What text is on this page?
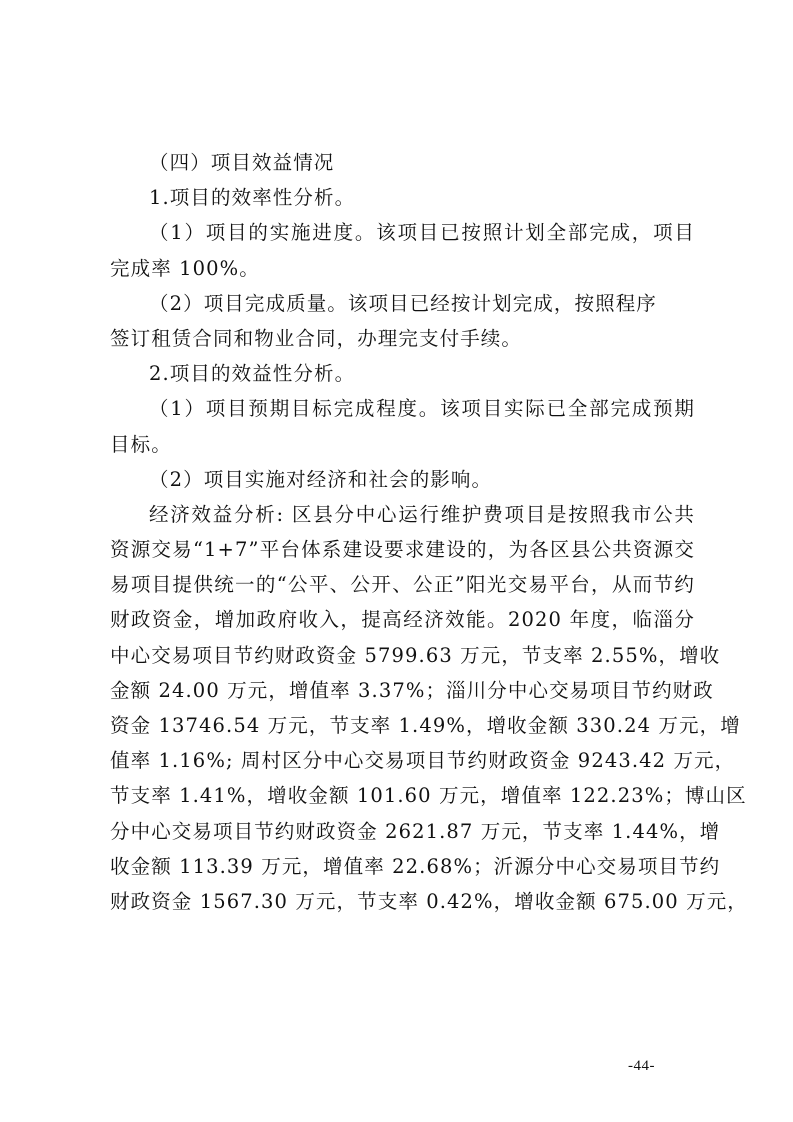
（四）项目效益情况
1.项目的效率性分析。
（1）项目的实施进度。该项目已按照计划全部完成，项目
完成率 100%。
（2）项目完成质量。该项目已经按计划完成，按照程序
签订租赁合同和物业合同，办理完支付手续。
2.项目的效益性分析。
（1）项目预期目标完成程度。该项目实际已全部完成预期
目标。
（2）项目实施对经济和社会的影响。
经济效益分析: 区县分中心运行维护费项目是按照我市公共
资源交易“1+7”平台体系建设要求建设的，为各区县公共资源交
易项目提供统一的“公平、公开、公正”阳光交易平台，从而节约
财政资金，增加政府收入，提高经济效能。2020 年度，临淄分
中心交易项目节约财政资金 5799.63 万元，节支率 2.55%，增收
金额 24.00 万元，增值率 3.37%；淄川分中心交易项目节约财政
资金 13746.54 万元，节支率 1.49%，增收金额 330.24 万元，增
值率 1.16%; 周村区分中心交易项目节约财政资金 9243.42 万元，
节支率 1.41%，增收金额 101.60 万元，增值率 122.23%；博山区
分中心交易项目节约财政资金 2621.87 万元，节支率 1.44%，增
收金额 113.39 万元，增值率 22.68%；沂源分中心交易项目节约
财政资金 1567.30 万元，节支率 0.42%，增收金额 675.00 万元，
-44-
